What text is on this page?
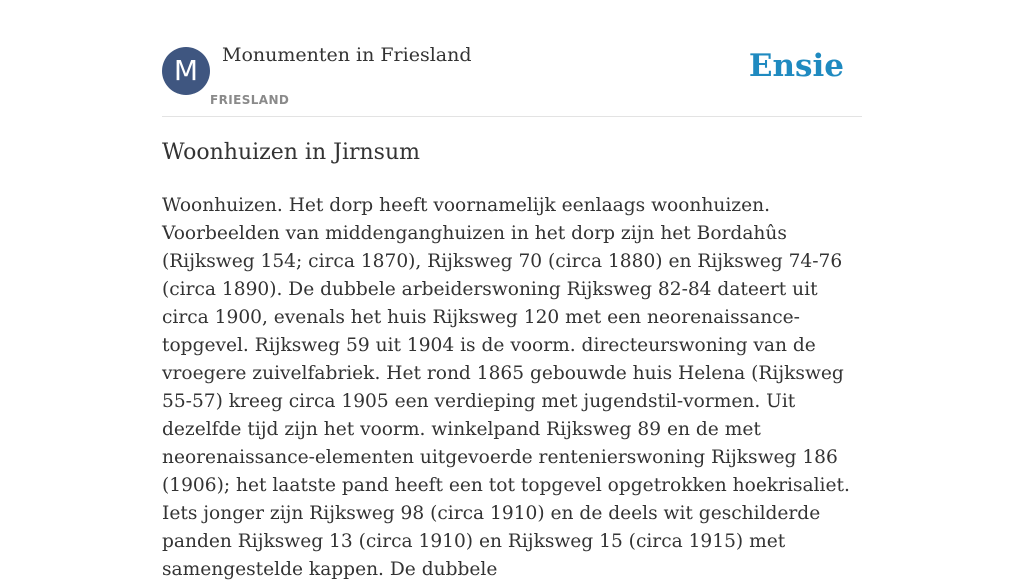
M	Monumenten in Friesland
FRIESLAND
Ensie
Woonhuizen in Jirnsum

Woonhuizen. Het dorp heeft voornamelijk eenlaags woonhuizen. Voorbeelden van middenganghuizen in het dorp zijn het Bordahûs (Rijksweg 154; circa 1870), Rijksweg 70 (circa 1880) en Rijksweg 74-76 (circa 1890). De dubbele arbeiderswoning Rijksweg 82-84 dateert uit circa 1900, evenals het huis Rijksweg 120 met een neorenaissance-topgevel. Rijksweg 59 uit 1904 is de voorm. directeurswoning van de vroegere zuivelfabriek. Het rond 1865 gebouwde huis Helena (Rijksweg 55-57) kreeg circa 1905 een verdieping met jugendstil-vormen. Uit dezelfde tijd zijn het voorm. winkelpand Rijksweg 89 en de met neorenaissance-elementen uitgevoerde rentenierswoning Rijksweg 186 (1906); het laatste pand heeft een tot topgevel opgetrokken hoekrisaliet. Iets jonger zijn Rijksweg 98 (circa 1910) en de deels wit geschilderde panden Rijksweg 13 (circa 1910) en Rijksweg 15 (circa 1915) met samengestelde kappen. De dubbele
